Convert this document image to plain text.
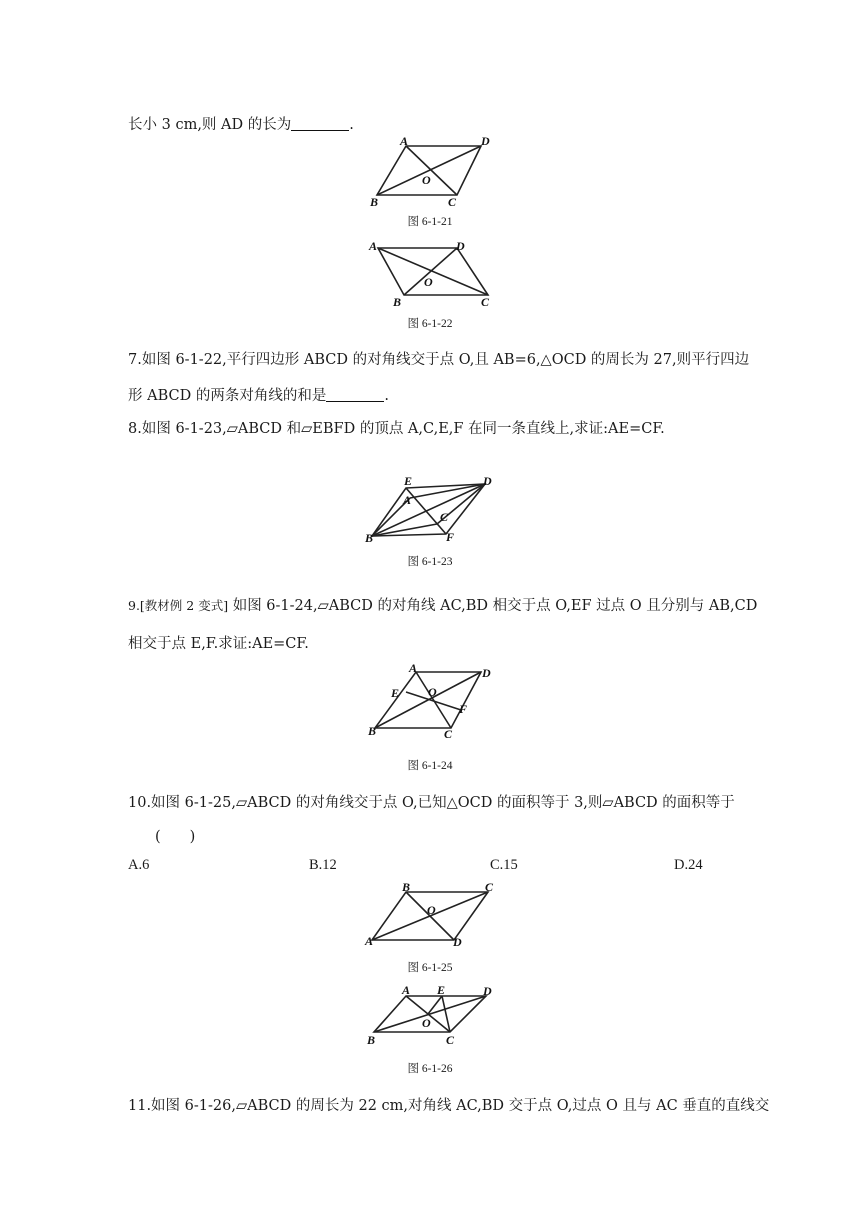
长小 3 cm,则 AD 的长为	.
A	D
B	C
O
图 6-1-21
A	D
B	C
O
图 6-1-22
7.如图 6-1-22,平行四边形 ABCD 的对角线交于点 O,且 AB=6,△OCD 的周长为 27,则平行四边
形 ABCD 的两条对角线的和是	.
8.如图 6-1-23,▱ABCD 和▱EBFD 的顶点 A,C,E,F 在同一条直线上,求证:AE=CF.
E
A
D
C
B	F
图 6-1-23
9.[教材例 2 变式] 如图 6-1-24,▱ABCD 的对角线 AC,BD 相交于点 O,EF 过点 O 且分别与 AB,CD
相交于点 E,F.求证:AE=CF.
A	D
E O
F
B	C
图 6-1-24
10.如图 6-1-25,▱ABCD 的对角线交于点 O,已知△OCD 的面积等于 3,则▱ABCD 的面积等于
(　　)
A.6	B.12	C.15	D.24
B	C
O
A	D
图 6-1-25
A E	D
O
B	C
图 6-1-26
11.如图 6-1-26,▱ABCD 的周长为 22 cm,对角线 AC,BD 交于点 O,过点 O 且与 AC 垂直的直线交
